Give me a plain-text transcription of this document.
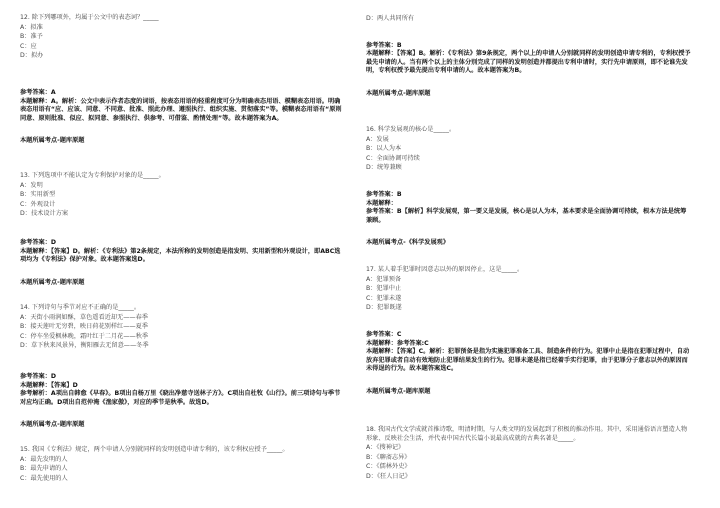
12. 除下列哪项外，均属于公文中的表态词？_____

A：拟准

B：准予

C：应

D：拟办

参考答案：A

本题解释：A。解析：公文中表示作者态度的词语，按表态用语的轻重程度可分为明确表态用语、模糊表态用语。明确表态用语有“应、应该、同意、不同意、批准、照此办理、遵照执行、组织实施、贯彻落实”等。模糊表态用语有“原则同意、原则批准、似应、拟同意、参照执行、供参考、可借鉴、酌情处理”等。故本题答案为A。

本题所属考点-题库原题

13. 下列选项中不能认定为专利保护对象的是_____。

A：发明

B：实用新型

C：外观设计

D：技术设计方案

参考答案：D

本题解释：【答案】D。解析：《专利法》第2条规定，本法所称的发明创造是指发明、实用新型和外观设计，即ABC选项均为《专利法》保护对象。故本题答案选D。

本题所属考点-题库原题

14. 下列诗句与季节对应不正确的是_____。

A：天街小雨润如酥，草色遥看近却无——春季

B：接天莲叶无穷碧，映日荷花别样红——夏季

C：停车坐爱枫林晚，霜叶红于二月花——秋季

D：草下秋来风景异，衡阳雁去无留意——冬季

参考答案：D

本题解释：【答案】D

参考解析：A项出自韩愈《早春》。B项出自杨万里《晓出净慈寺送林子方》。C项出自杜牧《山行》。前三项诗句与季节对应均正确。D项出自范仲淹《渔家傲》，对应的季节是秋季。故选D。

本题所属考点-题库原题

15. 我国《专利法》规定，两个申请人分别就同样的发明创造申请专利的，该专利权应授予_____。

A：最先发明的人

B：最先申请的人

C：最先使用的人

D：两人共同所有

参考答案：B

本题解释：【答案】B。解析：《专利法》第9条规定，两个以上的申请人分别就同样的发明创造申请专利的，专利权授予最先申请的人。当有两个以上的主体分别完成了同样的发明创造并都提出专利申请时，实行先申请原则，即不论谁先发明，专利权授予最先提出专利申请的人。故本题答案为B。

本题所属考点-题库原题

16. 科学发展观的核心是_____。

A：发展

B：以人为本

C：全面协调可持续

D：统筹兼顾

参考答案：B

本题解释：

参考答案：B【解析】科学发展观，第一要义是发展，核心是以人为本，基本要求是全面协调可持续，根本方法是统筹兼顾。

本题所属考点-《科学发展观》

17. 某人着手犯罪时因意志以外的原因停止，这是_____。

A：犯罪预备

B：犯罪中止

C：犯罪未遂

D：犯罪既遂

参考答案：C

本题解释：参考答案:C

本题解释：【答案】C。解析：犯罪预备是指为实施犯罪准备工具、制造条件的行为。犯罪中止是指在犯罪过程中，自动放弃犯罪或者自动有效地防止犯罪结果发生的行为。犯罪未遂是指已经着手实行犯罪，由于犯罪分子意志以外的原因而未得逞的行为。故本题答案选C。

本题所属考点-题库原题

18. 我国古代文学成就首推诗歌，明清时期，与人类文明的发展起到了积极的推动作用。其中，采用通俗语言塑造人物形象、反映社会生活，并代表中国古代长篇小说最高成就的古典名著是_____。

A：《搜神记》

B：《聊斋志异》

C：《儒林外史》

D：《狂人日记》
